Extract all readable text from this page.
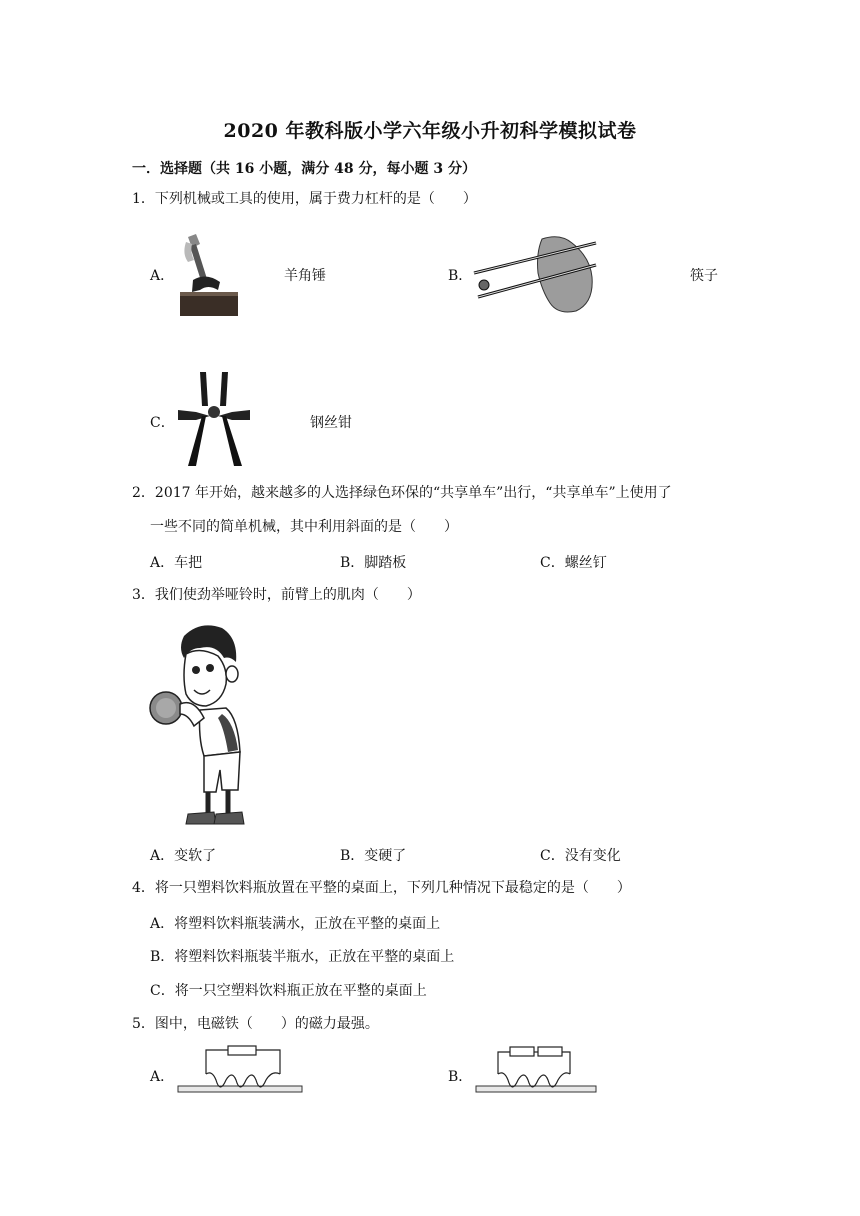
2020 年教科版小学六年级小升初科学模拟试卷
一．选择题（共 16 小题，满分 48 分，每小题 3 分）
1．下列机械或工具的使用，属于费力杠杆的是（　　）
A．	羊角锤	B．	筷子
C．	钢丝钳
2．2017 年开始，越来越多的人选择绿色环保的“共享单车”出行，“共享单车”上使用了
一些不同的简单机械，其中利用斜面的是（　　）
A．车把	B．脚踏板	C．螺丝钉
3．我们使劲举哑铃时，前臂上的肌肉（　　）
A．变软了	B．变硬了	C．没有变化
4．将一只塑料饮料瓶放置在平整的桌面上，下列几种情况下最稳定的是（　　）
A．将塑料饮料瓶装满水，正放在平整的桌面上
B．将塑料饮料瓶装半瓶水，正放在平整的桌面上
C．将一只空塑料饮料瓶正放在平整的桌面上
5．图中，电磁铁（　　）的磁力最强。
A．	B．
